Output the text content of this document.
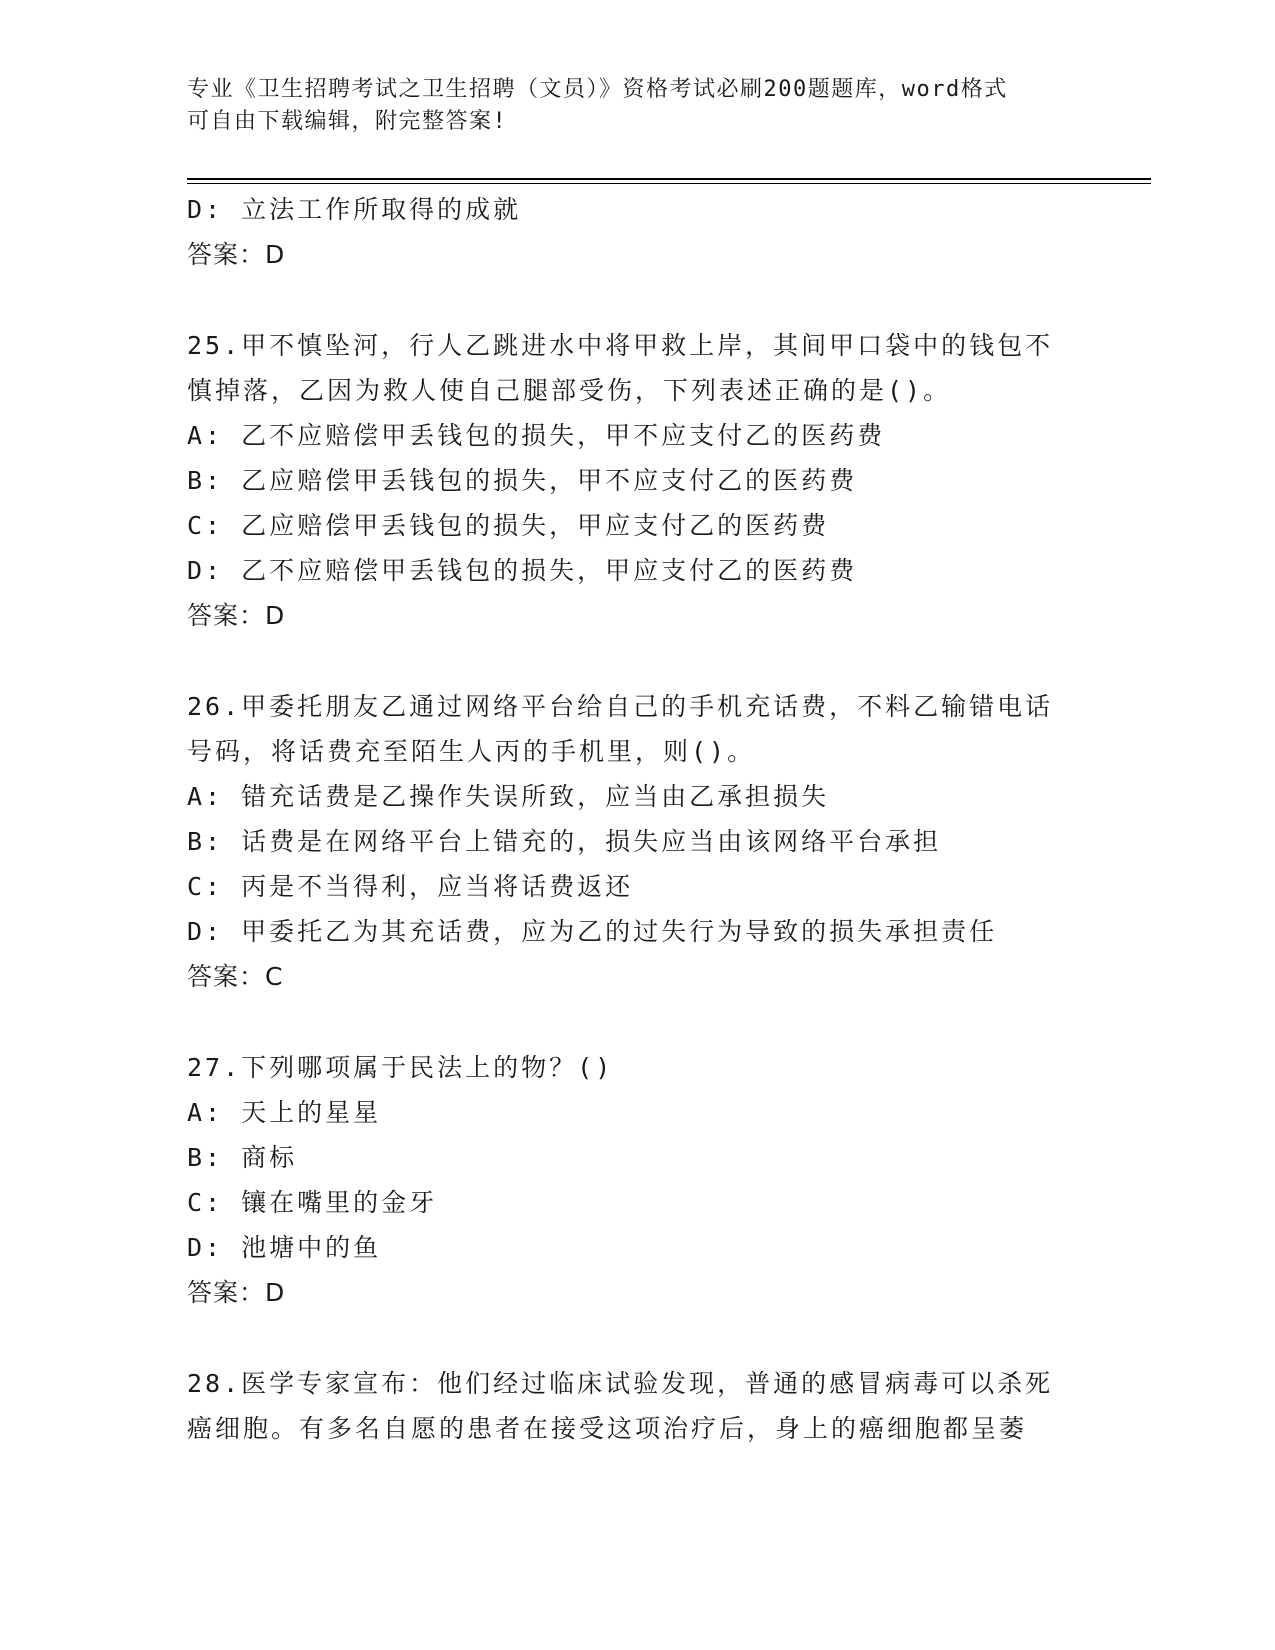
专业《卫生招聘考试之卫生招聘（文员）》资格考试必刷200题题库，word格式
可自由下载编辑，附完整答案!
D: 立法工作所取得的成就
答案：D
25.甲不慎坠河，行人乙跳进水中将甲救上岸，其间甲口袋中的钱包不
慎掉落，乙因为救人使自己腿部受伤，下列表述正确的是()。
A: 乙不应赔偿甲丢钱包的损失，甲不应支付乙的医药费
B: 乙应赔偿甲丢钱包的损失，甲不应支付乙的医药费
C: 乙应赔偿甲丢钱包的损失，甲应支付乙的医药费
D: 乙不应赔偿甲丢钱包的损失，甲应支付乙的医药费
答案：D
26.甲委托朋友乙通过网络平台给自己的手机充话费，不料乙输错电话
号码，将话费充至陌生人丙的手机里，则()。
A: 错充话费是乙操作失误所致，应当由乙承担损失
B: 话费是在网络平台上错充的，损失应当由该网络平台承担
C: 丙是不当得利，应当将话费返还
D: 甲委托乙为其充话费，应为乙的过失行为导致的损失承担责任
答案：C
27.下列哪项属于民法上的物？()
A: 天上的星星
B: 商标
C: 镶在嘴里的金牙
D: 池塘中的鱼
答案：D
28.医学专家宣布：他们经过临床试验发现，普通的感冒病毒可以杀死
癌细胞。有多名自愿的患者在接受这项治疗后，身上的癌细胞都呈萎
